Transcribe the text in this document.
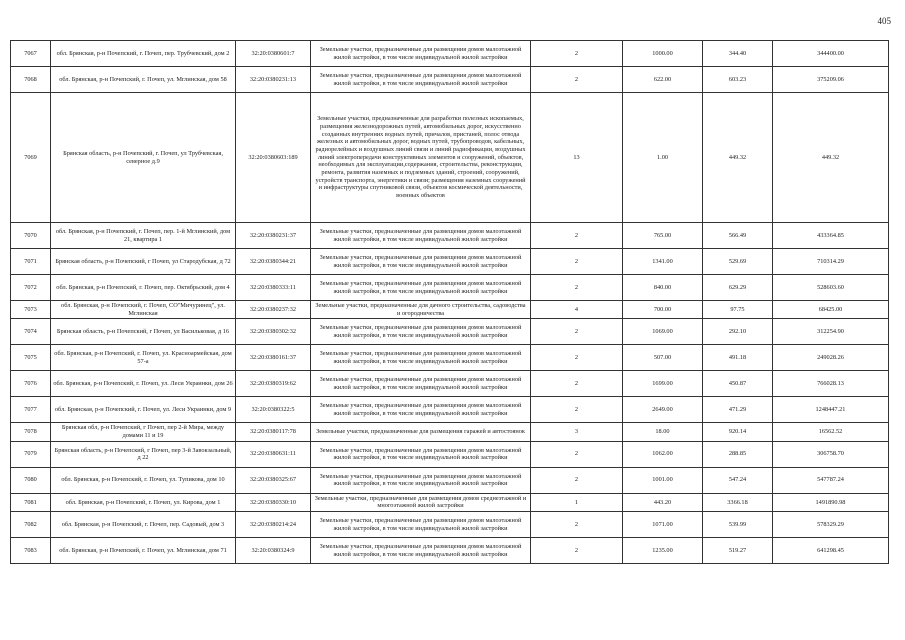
405
7067	обл. Брянская, р-н Почепский, г. Почеп, пер. Трубчевский, дом 2	32:20:0380601:7	Земельные участки, предназначенные для размещения домов малоэтажной жилой застройки, в том числе индивидуальной жилой застройки	2	1000.00	344.40	344400.00
7068	обл. Брянская, р-н Почепский, г. Почеп, ул. Мглинская, дом 58	32:20:0380231:13	Земельные участки, предназначенные для размещения домов малоэтажной жилой застройки, в том числе индивидуальной жилой застройки	2	622.00	603.23	375209.06
7069	Брянская область, р-н Почепский, г. Почеп, ул Трубчевская, северное д.9	32:20:0380603:189	Земельные участки, предназначенные для разработки полезных ископаемых, размещения железнодорожных путей, автомобильных дорог, искусственно созданных внутренних водных путей, причалов, пристаней, полос отвода железных и автомобильных дорог, водных путей, трубопроводов, кабельных, радиорелейных и воздушных линий связи и линий радиофикации, воздушных линий электропередачи конструктивных элементов и сооружений, объектов, необходимых для эксплуатации,содержания, строительства, реконструкции, ремонта, развития наземных и подземных зданий, строений, сооружений, устройств транспорта, энергетики и связи; размещения наземных сооружений и инфраструктуры спутниковой связи, объектов космической деятельности, военных объектов	13	1.00	449.32	449.32
7070	обл. Брянская, р-н Почепский, г. Почеп, пер. 1-й Мглинский, дом 21, квартира 1	32:20:0380231:37	Земельные участки, предназначенные для размещения домов малоэтажной жилой застройки, в том числе индивидуальной жилой застройки	2	765.00	566.49	433364.85
7071	Брянская область, р-н Почепский, г Почеп, ул Стародубская, д 72	32:20:0380344:21	Земельные участки, предназначенные для размещения домов малоэтажной жилой застройки, в том числе индивидуальной жилой застройки	2	1341.00	529.69	710314.29
7072	обл. Брянская, р-н Почепский, г. Почеп, пер. Октябрьский, дом 4	32:20:0380333:11	Земельные участки, предназначенные для размещения домов малоэтажной жилой застройки, в том числе индивидуальной жилой застройки	2	840.00	629.29	528603.60
7073	обл. Брянская, р-н Почепский, г. Почеп, СО"Мичуринец", ул. Мглинская	32:20:0380237:32	Земельные участки, предназначенные для дачного строительства, садоводства и огородничества	4	700.00	97.75	68425.00
7074	Брянская область, р-н Почепский, г Почеп, ул Васильковая, д 16	32:20:0380302:32	Земельные участки, предназначенные для размещения домов малоэтажной жилой застройки, в том числе индивидуальной жилой застройки	2	1069.00	292.10	312254.90
7075	обл. Брянская, р-н Почепский, г. Почеп, ул. Красноармейская, дом 57-а	32:20:0380161:37	Земельные участки, предназначенные для размещения домов малоэтажной жилой застройки, в том числе индивидуальной жилой застройки	2	507.00	491.18	249028.26
7076	обл. Брянская, р-н Почепский, г. Почеп, ул. Леси Украинки, дом 26	32:20:0380319:62	Земельные участки, предназначенные для размещения домов малоэтажной жилой застройки, в том числе индивидуальной жилой застройки	2	1699.00	450.87	766028.13
7077	обл. Брянская, р-н Почепский, г. Почеп, ул. Леси Украинки, дом 9	32:20:0380322:5	Земельные участки, предназначенные для размещения домов малоэтажной жилой застройки, в том числе индивидуальной жилой застройки	2	2649.00	471.29	1248447.21
7078	Брянская обл, р-н Почепский, г Почеп, пер 2-й Мира, между домами 11 и 19	32:20:0380117:78	Земельные участки, предназначенные для размещения гаражей и автостоянок	3	18.00	920.14	16562.52
7079	Брянская область, р-н Почепский, г Почеп, пер 3-й Завокзальный, д 22	32:20:0380631:11	Земельные участки, предназначенные для размещения домов малоэтажной жилой застройки, в том числе индивидуальной жилой застройки	2	1062.00	288.85	306758.70
7080	обл. Брянская, р-н Почепский, г. Почеп, ул. Тупикова, дом 10	32:20:0380325:67	Земельные участки, предназначенные для размещения домов малоэтажной жилой застройки, в том числе индивидуальной жилой застройки	2	1001.00	547.24	547787.24
7081	обл. Брянская, р-н Почепский, г. Почеп, ул. Кирова, дом 1	32:20:0380330:10	Земельные участки, предназначенные для размещения домов среднеэтажной и многоэтажной жилой застройки	1	443.20	3366.18	1491890.98
7082	обл. Брянская, р-н Почепский, г. Почеп, пер. Садовый, дом 3	32:20:0380214:24	Земельные участки, предназначенные для размещения домов малоэтажной жилой застройки, в том числе индивидуальной жилой застройки	2	1071.00	539.99	578329.29
7083	обл. Брянская, р-н Почепский, г. Почеп, ул. Мглинская, дом 71	32:20:0380324:9	Земельные участки, предназначенные для размещения домов малоэтажной жилой застройки, в том числе индивидуальной жилой застройки	2	1235.00	519.27	641298.45
